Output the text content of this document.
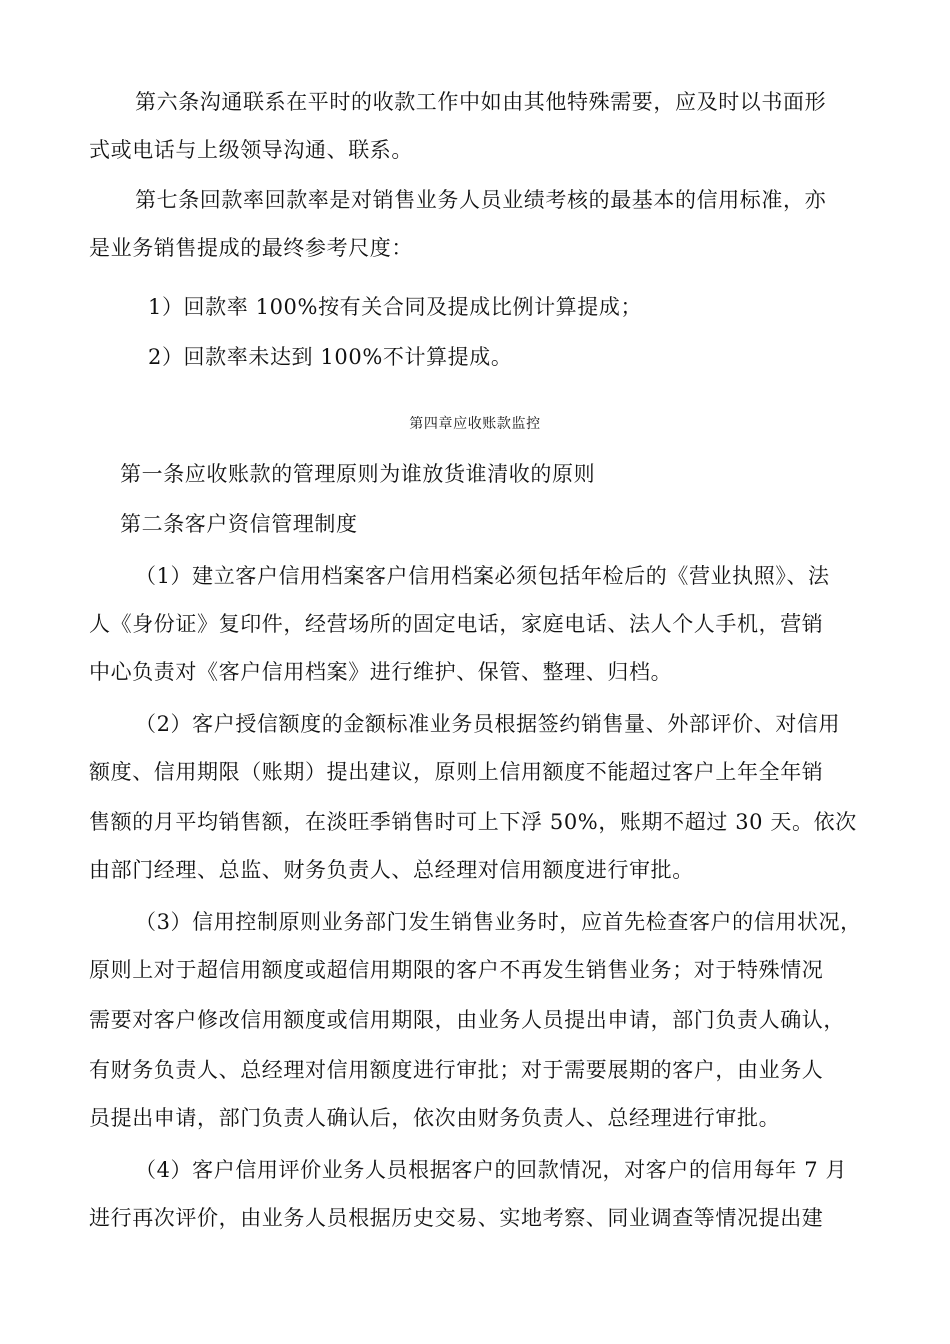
第六条沟通联系在平时的收款工作中如由其他特殊需要，应及时以书面形
式或电话与上级领导沟通、联系。
第七条回款率回款率是对销售业务人员业绩考核的最基本的信用标准，亦
是业务销售提成的最终参考尺度：
1）回款率 100%按有关合同及提成比例计算提成；
2）回款率未达到 100%不计算提成。
第四章应收账款监控
第一条应收账款的管理原则为谁放货谁清收的原则
第二条客户资信管理制度
（1）建立客户信用档案客户信用档案必须包括年检后的《营业执照》、法
人《身份证》复印件，经营场所的固定电话，家庭电话、法人个人手机，营销
中心负责对《客户信用档案》进行维护、保管、整理、归档。
（2）客户授信额度的金额标准业务员根据签约销售量、外部评价、对信用
额度、信用期限（账期）提出建议，原则上信用额度不能超过客户上年全年销
售额的月平均销售额，在淡旺季销售时可上下浮 50%，账期不超过 30 天。依次
由部门经理、总监、财务负责人、总经理对信用额度进行审批。
（3）信用控制原则业务部门发生销售业务时，应首先检查客户的信用状况，
原则上对于超信用额度或超信用期限的客户不再发生销售业务；对于特殊情况
需要对客户修改信用额度或信用期限，由业务人员提出申请，部门负责人确认，
有财务负责人、总经理对信用额度进行审批；对于需要展期的客户，由业务人
员提出申请，部门负责人确认后，依次由财务负责人、总经理进行审批。
（4）客户信用评价业务人员根据客户的回款情况，对客户的信用每年 7 月
进行再次评价，由业务人员根据历史交易、实地考察、同业调查等情况提出建
